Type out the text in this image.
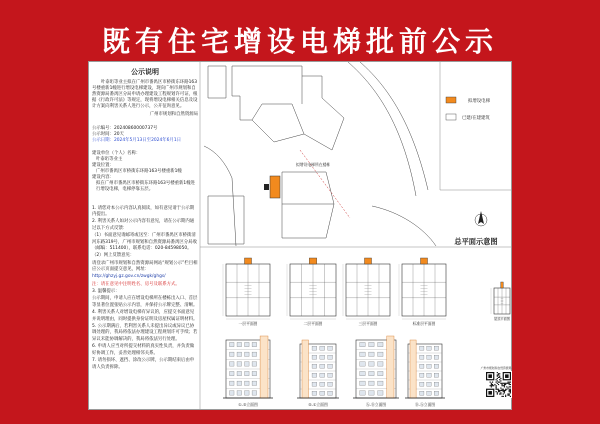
既有住宅增设电梯批前公示

公示说明

叶泰珩等业主拟在广州市番禺区市桥街东环路163号楼重新1幢进行增设电梯建设，现向广州市规划和自然资源局番禺区分局申请办理建设工程规划许可证，根据《行政许可法》等规定，现将增设电梯相关信息及设计方案向利害关系人进行公示，公开征询意见。

广州市规划和自然资源局

公示编号：20240860000737号

公示时间：20天

公示日期：2024年5月13日至2024年6月1日

建设单位（个人）名称：

叶泰珩等业主

建设位置：

广州市番禺区市桥街东环路163号楼重新1幢

建设内容：

拟在广州市番禺区市桥街东环路163号楼重新1幢进行增设电梯，电梯停靠五层。

1. 请您对本公示内容认真阅读，如有意见请于公示期内提出。

2. 利害关系人如对公示内容有意见，请在公示期内通过以下方式反馈：

（1）书面意见请邮寄或送至：广州市番禺区市桥街清河东路319号，广州市规划和自然资源局番禺区分局收（邮编：511400），联系电话：020-84598050。

（2）网上反馈意见：

请登录广州市规划和自然资源局网站“规划公示”栏目相应公示页面提交意见，网址：

http://ghzyj.gz.gov.cn/zwgk/ghgs/

注：请在意见中注明姓名、房号及联系方式。

3. 温馨提示：

公示期间，申请人应在增设电梯所在楼栋出入口、首层等显著位置张贴公示内容，并保持公示牌完整、清晰。

4. 利害关系人对增设电梯有异议的，应提交书面意见并说明理由，同时提供身份证明及房屋权属证明材料。

5. 公示期满后，若利害关系人未提出异议或异议已协调处理的，我局将依法办理建设工程规划许可手续；若异议未能协调解决的，我局将依法另行处理。

6. 申请人应当对所提交材料的真实性负责，并负责做好协调工作，妥善处理相邻关系。

7. 请勿损坏、遮挡、涂改公示牌，公示期结束后由申请人负责拆除。

拟增设电梯所在楼栋
拟增设电梯
已建/在建建筑
总平面示意图
一层平面图	二层平面图	三层平面图	标准层平面图
屋顶平面图
①-⑤立面图	⑤-①立面图	Ⓐ-Ⓓ立面图	Ⓓ-Ⓐ立面图
广州市规划和自然资源局
